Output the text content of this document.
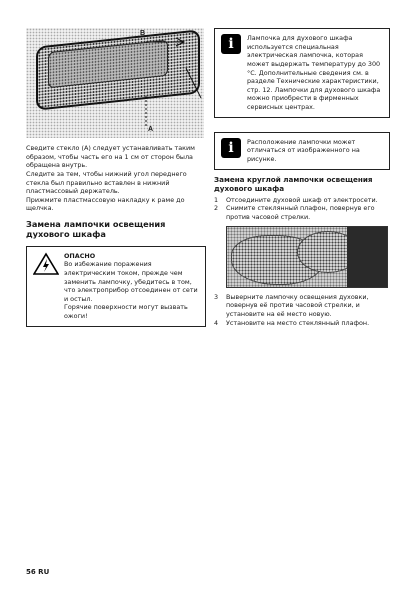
B
A

Сведите стекло (A) следует устанавливать таким образом, чтобы часть его на 1 см от сторон была обращена внутрь.

Следите за тем, чтобы нижний угол переднего стекла был правильно вставлен в нижний пластмассовый держатель.

Прижмите пластмассовую накладку к раме до щелчка.

Замена лампочки освещения духового шкафа

ОПАСНО

Во избежание поражения электрическим током, прежде чем заменить лампочку, убедитесь в том, что электроприбор отсоединен от сети и остыл.

Горячие поверхности могут вызвать ожоги!

i	Лампочка для духового шкафа используется специальная электрическая лампочка, которая может выдержать температуру до 300 °C. Дополнительные сведения см. в разделе Технические характеристики, стр. 12. Лампочки для духового шкафа можно приобрести в фирменных сервисных центрах.

i	Расположение лампочки может отличаться от изображенного на рисунке.

Замена круглой лампочки освещения духового шкафа

1	Отсоедините духовой шкаф от электросети.
2	Снимите стеклянный плафон, повернув его против часовой стрелки.
3	Выверните лампочку освещения духовки, повернув её против часовой стрелки, и установите на её место новую.
4	Установите на место стеклянный плафон.
56 RU
